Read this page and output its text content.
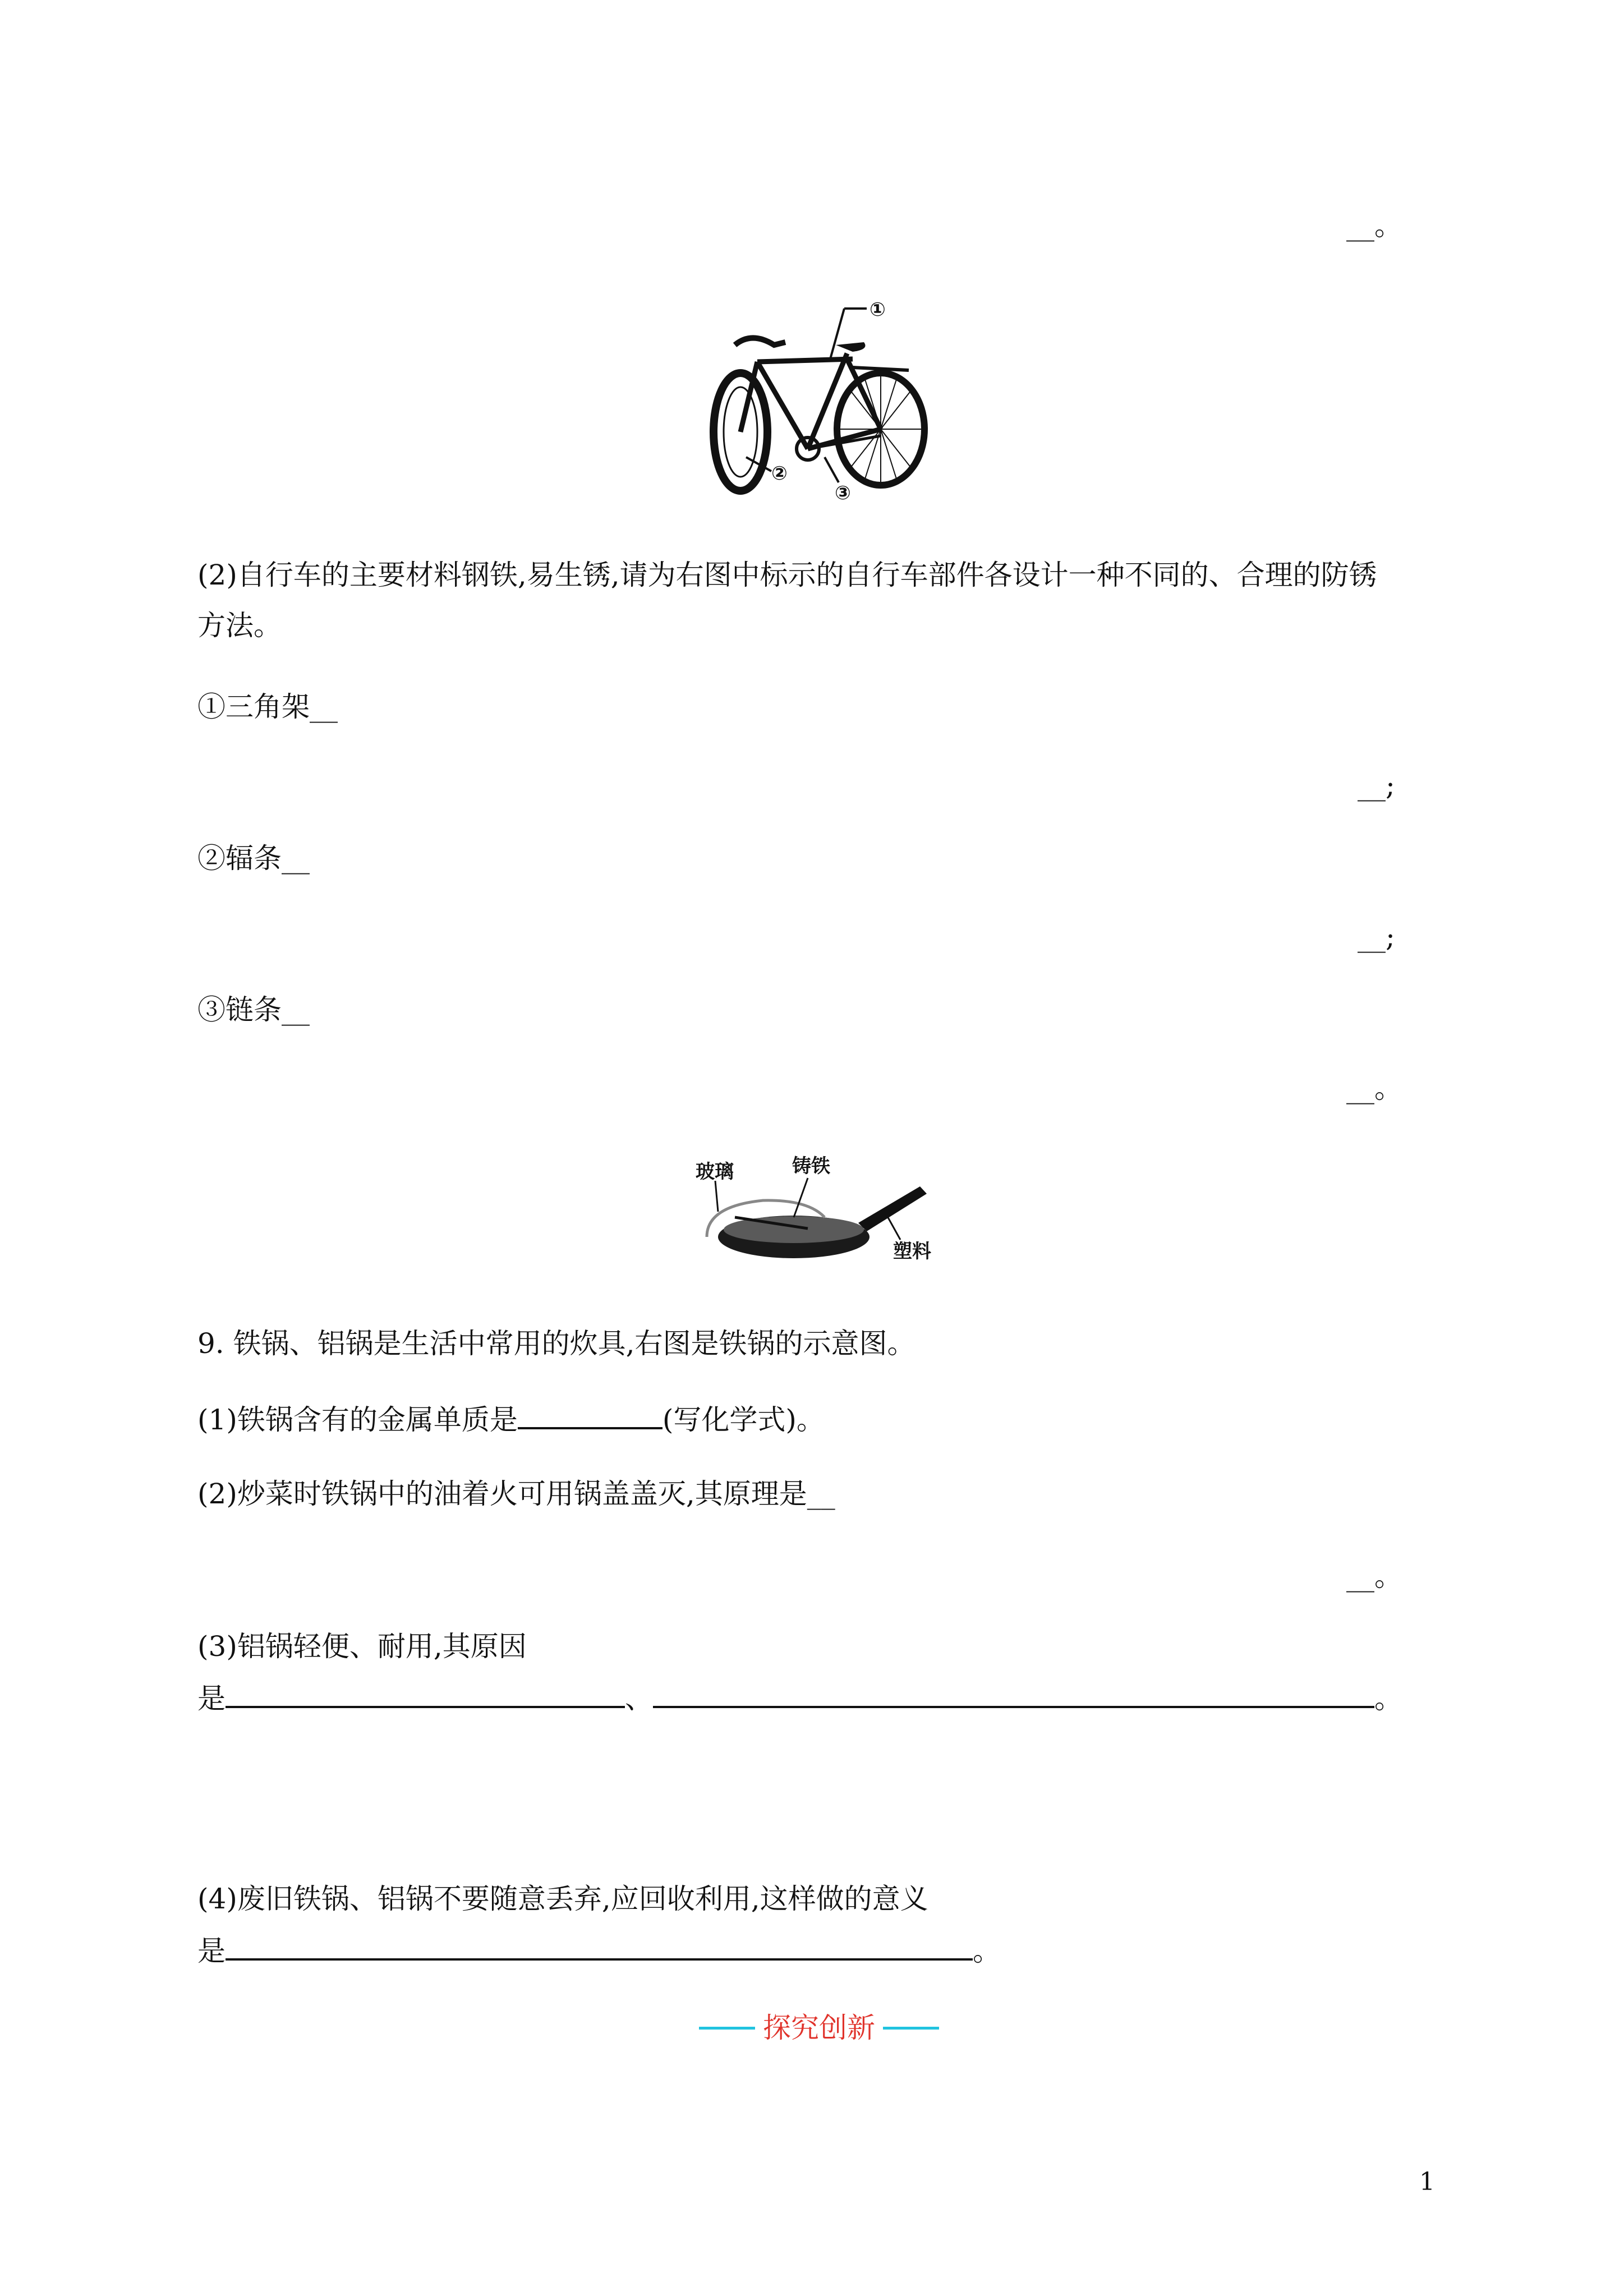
__。
①
②
③
(2)自行车的主要材料钢铁,易生锈,请为右图中标示的自行车部件各设计一种不同的、合理的防锈
方法。
①三角架__
__;
②辐条__
__;
③链条__
__。
玻璃	铸铁
塑料
9. 铁锅、铝锅是生活中常用的炊具,右图是铁锅的示意图。
(1)铁锅含有的金属单质是	(写化学式)。
(2)炒菜时铁锅中的油着火可用锅盖盖灭,其原理是__
__。
(3)铝锅轻便、耐用,其原因
是	、	。
(4)废旧铁锅、铝锅不要随意丢弃,应回收利用,这样做的意义
是	。
探究创新
1
